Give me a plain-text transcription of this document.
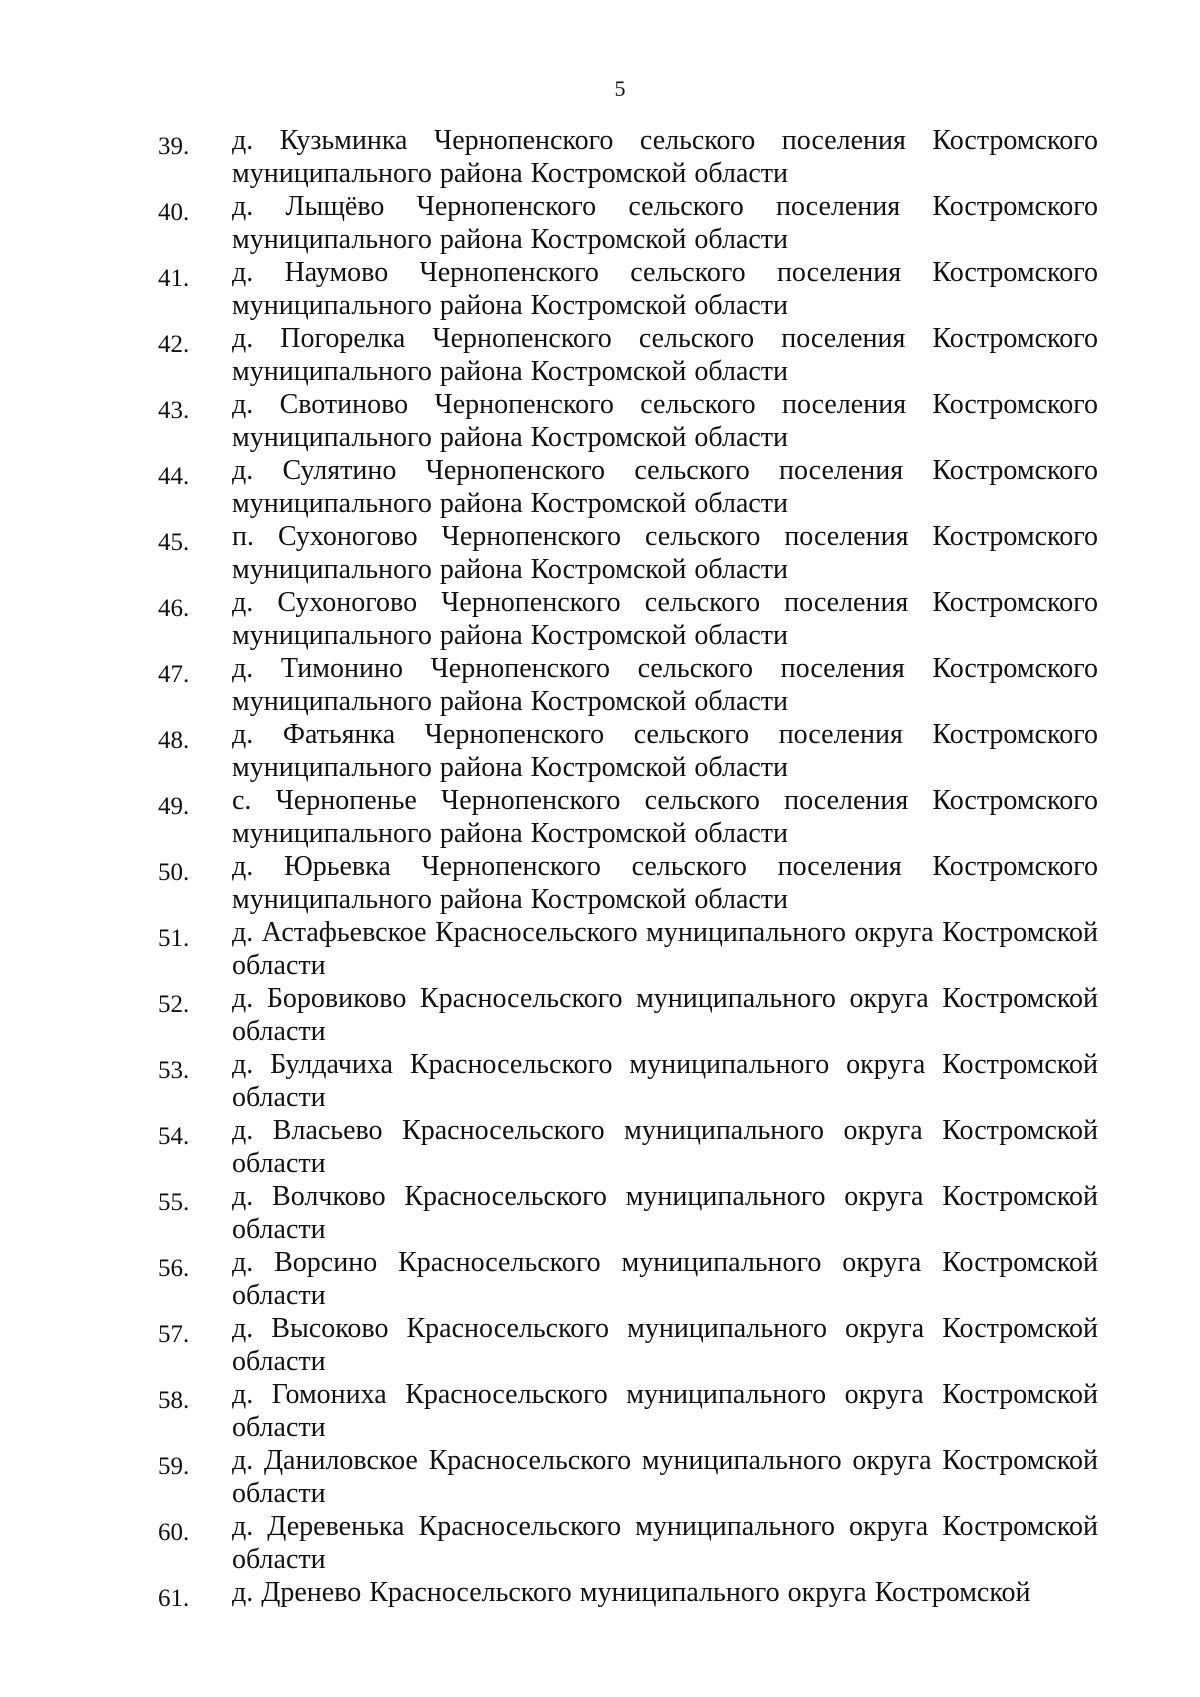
5
39.	д. Кузьминка Чернопенского сельского поселения Костромского муниципального района Костромской области
40.	д. Лыщёво Чернопенского сельского поселения Костромского муниципального района Костромской области
41.	д. Наумово Чернопенского сельского поселения Костромского муниципального района Костромской области
42.	д. Погорелка Чернопенского сельского поселения Костромского муниципального района Костромской области
43.	д. Свотиново Чернопенского сельского поселения Костромского муниципального района Костромской области
44.	д. Сулятино Чернопенского сельского поселения Костромского муниципального района Костромской области
45.	п. Сухоногово Чернопенского сельского поселения Костромского муниципального района Костромской области
46.	д. Сухоногово Чернопенского сельского поселения Костромского муниципального района Костромской области
47.	д. Тимонино Чернопенского сельского поселения Костромского муниципального района Костромской области
48.	д. Фатьянка Чернопенского сельского поселения Костромского муниципального района Костромской области
49.	с. Чернопенье Чернопенского сельского поселения Костромского муниципального района Костромской области
50.	д. Юрьевка Чернопенского сельского поселения Костромского муниципального района Костромской области
51.	д. Астафьевское Красносельского муниципального округа Костромской области
52.	д. Боровиково Красносельского муниципального округа Костромской области
53.	д. Булдачиха Красносельского муниципального округа Костромской области
54.	д. Власьево Красносельского муниципального округа Костромской области
55.	д. Волчково Красносельского муниципального округа Костромской области
56.	д. Ворсино Красносельского муниципального округа Костромской области
57.	д. Высоково Красносельского муниципального округа Костромской области
58.	д. Гомониха Красносельского муниципального округа Костромской области
59.	д. Даниловское Красносельского муниципального округа Костромской области
60.	д. Деревенька Красносельского муниципального округа Костромской области
61.	д. Дренево Красносельского муниципального округа Костромской
